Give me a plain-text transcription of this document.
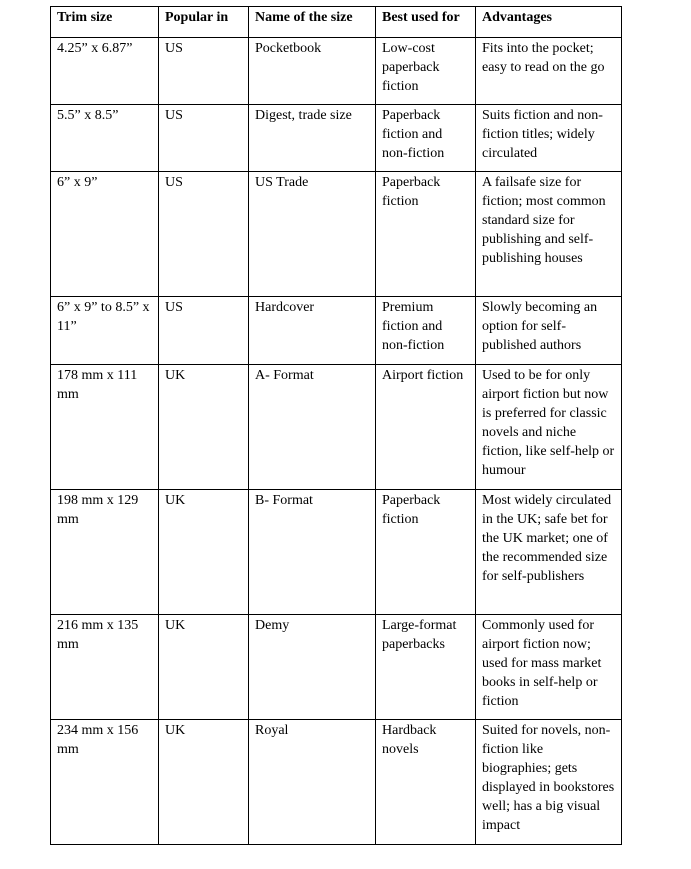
Trim size	Popular in	Name of the size	Best used for	Advantages
4.25” x 6.87”	US	Pocketbook	Low-cost paperback fiction	Fits into the pocket; easy to read on the go
5.5” x 8.5”	US	Digest, trade size	Paperback fiction and non-fiction	Suits fiction and non-fiction titles; widely circulated
6” x 9”	US	US Trade	Paperback fiction	A failsafe size for fiction; most common standard size for publishing and self-publishing houses
6” x 9” to 8.5” x 11”	US	Hardcover	Premium fiction and non-fiction	Slowly becoming an option for self-published authors
178 mm x 111 mm	UK	A- Format	Airport fiction	Used to be for only airport fiction but now is preferred for classic novels and niche fiction, like self-help or humour
198 mm x 129 mm	UK	B- Format	Paperback fiction	Most widely circulated in the UK; safe bet for the UK market; one of the recommended size for self-publishers
216 mm x 135 mm	UK	Demy	Large-format paperbacks	Commonly used for airport fiction now; used for mass market books in self-help or fiction
234 mm x 156 mm	UK	Royal	Hardback novels	Suited for novels, non-fiction like biographies; gets displayed in bookstores well; has a big visual impact
